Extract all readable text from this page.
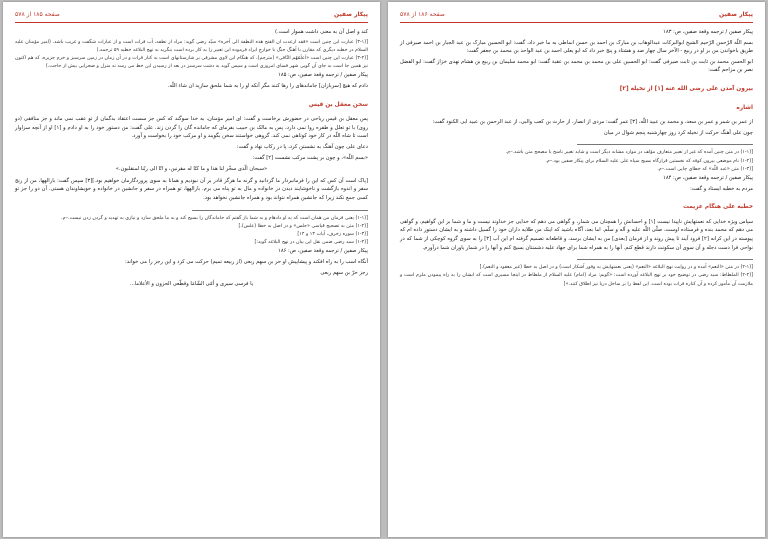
پیکار صفین
صفحه ۱۸۵ از ۵۷۸

کند و اصل آن به معنی داشت هموار است.)

[(۳-۱) عبارت این چنین است «فقد ارعدت ان الفتح هذه النطفة الی آخره» سیّد رضی گوید: مراد از نطفه، آب فرات است و از عبارات شگفت و غریب باشد. (امیر مؤمنان علیه السلام در خطبه دیگری که مقارن با آهنگ جنگ با خوارج ایراد فرموده این تعبیر را به کار برده است بنگرید به نهج البلاغه خطبه ۵۹ ترجمه.)

[(۳-۲) عبارت این چنین است «اَعلَمُهُم النّافی» (مترجم)، که هنگام ابن لاوی مشرفی بر شارستانهای است به کنار فرات و در آن زمان در زمین سرسبز و خرم جزیره، که هم اکنون نیز همین جا است به جای آن گویی شهر فسای امروزی است و سپس گوید به دشت سرسبز در بعد از رسیدن این خط می رسد نه منزل و صحرایی بیش از حاجت.)

پیکار صفین / ترجمه وقعة صفین، ص: ۱۸۵

دادم که هیچ [سربازان] جاماندهای را رها کنند مگر آنکه او را به شما ملحق سازید ان شاء اللّه.

سخن معقل بن قیس

پس معقل بن قیس ریاحی در حضورش برخاست و گفت: ای امیر مؤمنان، به خدا سوگند که کس جز سست اعتقاد بدگمان از تو عقب نمی ماند و جز منافقی (دو روی) با تو تعلل و طفره روا نمی دارد، پس به مالک بن حبیب بفرمای که جامانده گان را گردن زند. علی گفت: من دستور خود را به او دادم و [۱] او از آنچه سزاوار است تا شاه اللّه در کار خود کوتاهی نمی کند. گروهی خواستند سخن بگویند و او مرکب خود را بخواست و آورد.

دعای علی چون آهنگ به نشستن کرد، پا در رکاب نهاد و گفت:

«بسم اللّه»، و چون بر پشت مرکب نشست [۲] گفت:

«سبحان الّذی سخّر لنا هذا و ما کنّا له مقرنین، و انّا الی ربّنا لمنقلبون.»

[پاک است آن کس که این را فرمانبردار ما گردانید و گرنه ما هرگز قادر بر آن نبودیم و همانا به سوی پروردگارمان خواهیم بود.][۳] سپس گفت: بارالهها، من از رنج سفر و اندوه بازگشت و ناخوشایند دیدن در خانواده و مال به تو پناه می برم. بارالهها، تو همراه در سفر و جانشین در خانواده و خویشاوندان هستی. آن دو را جز تو کسی جمع نکند زیرا که جانشین همراه نتواند بود و همراه جانشین نخواهد بود.

[(۱-۱) یعنی فرمان من همان است که به او دادهام و به شما باز گفتم که جاماندگان را بسیج کند و به ما ملحق سازد و نیازی به تهدید و گردن زدن نیست.–م.

[(۱-۲) متن به تصحیح قیاسی «جلس» و در اصل به خطا (علس).]

[(۱-۳) سوره زخرف، آیات ۱۳ و ۱۴]

[(۱-۴) سید رضی ضمن نقل این بیان در نهج البلاغه گوید:]

پیکار صفین / ترجمه وقعة صفین، ص: ۱۸۶

آنگاه اسب را به راه افکند و پیشاپیش او حر بن سهم ربعی (از ربیعه تمیم) حرکت می کرد و این رجز را می خواند:

رجز حرّ بن سهم ربعی

یا فرسی سیری و أمّی الشّامَا وقطّعی الحزون و الأعلاما...

پیکار صفین
صفحه ۱۸۶ از ۵۷۸

پیکار صفین / ترجمه وقعة صفین، ص: ۱۸۳

بسم اللّه الرّحمن الرّحیم الشیخ ابوالبرکات عبدالوهاب بن مبارک بن احمد بن حسن انماطی به ما خبر داد، گفت: ابو الحسین مبارک بن عبد الجبار بن احمد صیرفی از طریق باخواندن من بر او در ربیع - الآخر سال چهار صد و هشتاد و پنج خبر داد که ابو یعلی احمد بن عبد الواحد بن محمد بن جعفر گفت:

ابو الحسن محمد بن ثابت بن ثابت صیرفی گفت: ابو الحسین علی بن محمد بن محمد بن عقبة گفت: ابو محمد سلیمان بن ربیع بن هشام نهدی خزاز گفت: ابو الفضل نصر بن مزاحم گفت:

بیرون آمدن علی رضی الله عنه [۱] از نخیله [۲]

اشاره

از عمر بن شمر و عمر بن سعد، و محمد بن عبید اللّه، [۳] عمر گفت: مردی از انصار، از حارث بن کعب والبی، از عبد الرحمن بن عبید ابی الکنود گفت:

چون علی آهنگ حرکت از نخیله کرد روز چهارشنبه پنجم شوال در میان

[(۱-۱) در متن چنین آمده که غیر از تعبیر متعارف مؤلف در موارد مشابه دیگر است و شاید تعبیر ناسخ یا مصحح متن باشد.–م.

[(۱-۲) نام موضعی بیرون کوفه که نخستین قرارگاه بسیج سپاه علی علیه السلام برای پیکار صفین بود.–م.

[(۱-۳) متن «عبد اللّه» که خطای چاپی است.–م.

پیکار صفین / ترجمه وقعة صفین، ص: ۱۸۴

مردم به خطبه ایستاد و گفت:

خطبه علی هنگام عزیمت

سپاس ویژه خدایی که نعمتهایش ناپیدا نیست [۱] و احسانش را همچنان می شمار، و گواهی می دهم که خدایی جز خداوند نیست و ما و شما بر این گواهیم، و گواهی می دهم که محمد بنده و فرستاده اوست، صلّی اللّه علیه و آله و سلّم. اما بعد، آگاه باشید که اینک من طلایه داران خود را گسیل داشته و به ایشان دستور داده ام که پیوسته در این کرانه [۲] فرود آیند تا پیش روند و از فرمان [بعدی] من به ایشان برسد، و قاطعانه تصمیم گرفته ام این آب [۳] را به سوی گروه کوچکی از شما که در نواحی فرا دست دجله و آن سوی آن سکونت دارند قطع کنم. آنها را به همراه شما برای جهاد علیه دشمنتان بسیج کنم و آنها را در شمار یاوران شما درآورم.

[(۲-۱) در متن «النعم» آمده و در روایت نهج البلاغه «النعم» (یعنی نعمتهایش به وفور آشکار است) و در اصل به خطا (غیر معقود و النعم).]

[(۲-۲) الملطاط: سید رضی در توضیح خود بر نهج البلاغه آورده است: «گویم: مراد (امام) علیه السلام از ملطاط در اینجا مسیری است که ایشان را به راه پیمودن ملزم است و ملازمت آن مأمور کرده و آن کناره فرات بوده است. این لفظ را بر ساحل دریا نیز اطلاق کنند.»]
